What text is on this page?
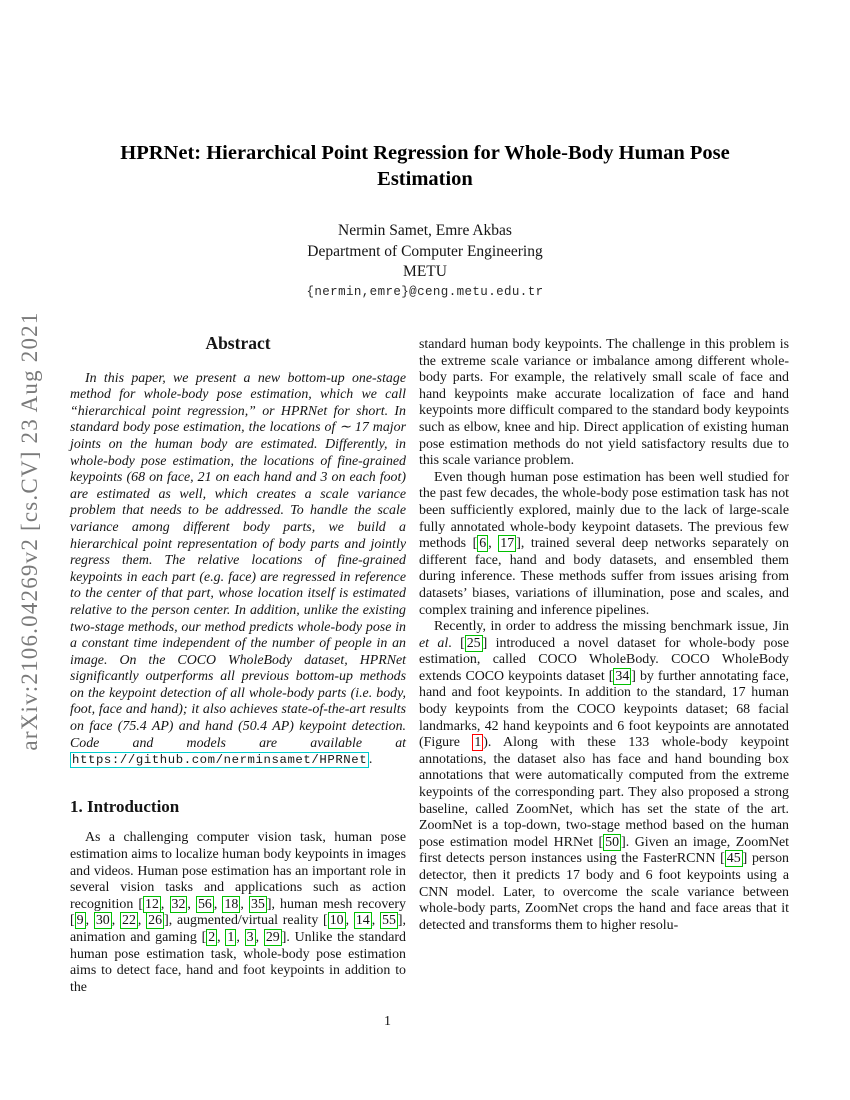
arXiv:2106.04269v2 [cs.CV] 23 Aug 2021
HPRNet: Hierarchical Point Regression for Whole-Body Human Pose Estimation
Nermin Samet, Emre Akbas
Department of Computer Engineering
METU
{nermin,emre}@ceng.metu.edu.tr
Abstract

In this paper, we present a new bottom-up one-stage method for whole-body pose estimation, which we call “hierarchical point regression,” or HPRNet for short. In standard body pose estimation, the locations of ∼ 17 major joints on the human body are estimated. Differently, in whole-body pose estimation, the locations of fine-grained keypoints (68 on face, 21 on each hand and 3 on each foot) are estimated as well, which creates a scale variance problem that needs to be addressed. To handle the scale variance among different body parts, we build a hierarchical point representation of body parts and jointly regress them. The relative locations of fine-grained keypoints in each part (e.g. face) are regressed in reference to the center of that part, whose location itself is estimated relative to the person center. In addition, unlike the existing two-stage methods, our method predicts whole-body pose in a constant time independent of the number of people in an image. On the COCO WholeBody dataset, HPRNet significantly outperforms all previous bottom-up methods on the keypoint detection of all whole-body parts (i.e. body, foot, face and hand); it also achieves state-of-the-art results on face (75.4 AP) and hand (50.4 AP) keypoint detection. Code and models are available at https://github.com/nerminsamet/HPRNet .

1. Introduction

As a challenging computer vision task, human pose estimation aims to localize human body keypoints in images and videos. Human pose estimation has an important role in several vision tasks and applications such as action recognition [ 12 , 32 , 56 , 18 , 35 ], human mesh recovery [ 9 , 30 , 22 , 26 ], augmented/virtual reality [ 10 , 14 , 55 ], animation and gaming [ 2 , 1 , 3 , 29 ]. Unlike the standard human pose estimation task, whole-body pose estimation aims to detect face, hand and foot keypoints in addition to the

standard human body keypoints. The challenge in this problem is the extreme scale variance or imbalance among different whole-body parts. For example, the relatively small scale of face and hand keypoints make accurate localization of face and hand keypoints more difficult compared to the standard body keypoints such as elbow, knee and hip. Direct application of existing human pose estimation methods do not yield satisfactory results due to this scale variance problem.

Even though human pose estimation has been well studied for the past few decades, the whole-body pose estimation task has not been sufficiently explored, mainly due to the lack of large-scale fully annotated whole-body keypoint datasets. The previous few methods [ 6 , 17 ], trained several deep networks separately on different face, hand and body datasets, and ensembled them during inference. These methods suffer from issues arising from datasets’ biases, variations of illumination, pose and scales, and complex training and inference pipelines.

Recently, in order to address the missing benchmark issue, Jin et al. [ 25 ] introduced a novel dataset for whole-body pose estimation, called COCO WholeBody. COCO WholeBody extends COCO keypoints dataset [ 34 ] by further annotating face, hand and foot keypoints. In addition to the standard, 17 human body keypoints from the COCO keypoints dataset; 68 facial landmarks, 42 hand keypoints and 6 foot keypoints are annotated (Figure 1 ). Along with these 133 whole-body keypoint annotations, the dataset also has face and hand bounding box annotations that were automatically computed from the extreme keypoints of the corresponding part. They also proposed a strong baseline, called ZoomNet, which has set the state of the art. ZoomNet is a top-down, two-stage method based on the human pose estimation model HRNet [ 50 ]. Given an image, ZoomNet first detects person instances using the FasterRCNN [ 45 ] person detector, then it predicts 17 body and 6 foot keypoints using a CNN model. Later, to overcome the scale variance between whole-body parts, ZoomNet crops the hand and face areas that it detected and transforms them to higher resolu-

1
